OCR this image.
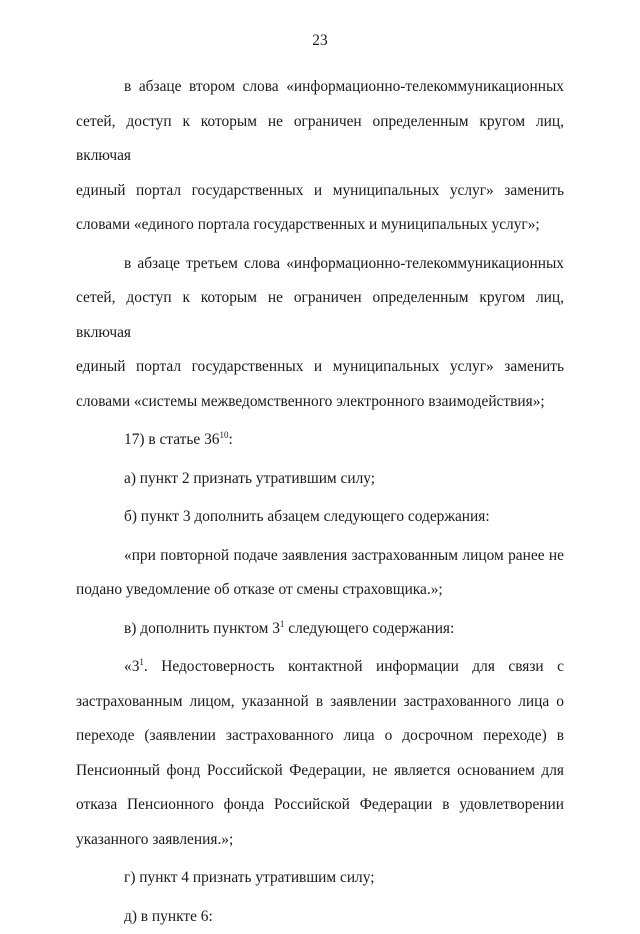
23
в абзаце втором слова «информационно-телекоммуникационных
сетей, доступ к которым не ограничен определенным кругом лиц, включая
единый портал государственных и муниципальных услуг» заменить
словами «единого портала государственных и муниципальных услуг»;
в абзаце третьем слова «информационно-телекоммуникационных
сетей, доступ к которым не ограничен определенным кругом лиц, включая
единый портал государственных и муниципальных услуг» заменить
словами «системы межведомственного электронного взаимодействия»;
17) в статье $36^{10}$:
а) пункт 2 признать утратившим силу;
б) пункт 3 дополнить абзацем следующего содержания:
«при повторной подаче заявления застрахованным лицом ранее не
подано уведомление об отказе от смены страховщика.»;
в) дополнить пунктом $3^1$ следующего содержания:
«$3^1$. Недостоверность контактной информации для связи с
застрахованным лицом, указанной в заявлении застрахованного лица о
переходе (заявлении застрахованного лица о досрочном переходе) в
Пенсионный фонд Российской Федерации, не является основанием для
отказа Пенсионного фонда Российской Федерации в удовлетворении
указанного заявления.»;
г) пункт 4 признать утратившим силу;
д) в пункте 6:
